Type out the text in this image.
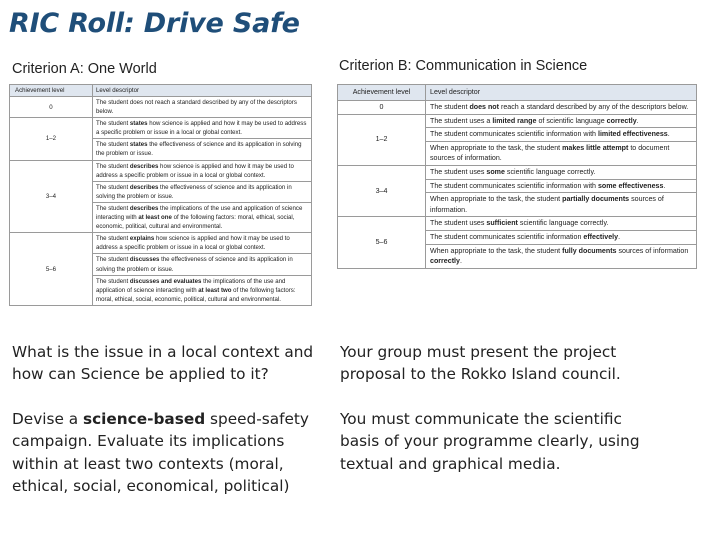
RIC Roll: Drive Safe
Criterion A: One World	Criterion B: Communication in Science
Achievement level	Level descriptor
0	The student does not reach a standard described by any of the descriptors below.

1–2	The student states how science is applied and how it may be used to address a specific problem or issue in a local or global context.
The student states the effectiveness of science and its application in solving the problem or issue.

3–4	The student describes how science is applied and how it may be used to address a specific problem or issue in a local or global context.
The student describes the effectiveness of science and its application in solving the problem or issue.
The student describes the implications of the use and application of science interacting with at least one of the following factors: moral, ethical, social, economic, political, cultural and environmental.

5–6	The student explains how science is applied and how it may be used to address a specific problem or issue in a local or global context.
The student discusses the effectiveness of science and its application in solving the problem or issue.
The student discusses and evaluates the implications of the use and application of science interacting with at least two of the following factors: moral, ethical, social, economic, political, cultural and environmental.
Achievement level	Level descriptor
0	The student does not reach a standard described by any of the descriptors below.

1–2	The student uses a limited range of scientific language correctly.
The student communicates scientific information with limited effectiveness.
When appropriate to the task, the student makes little attempt to document sources of information.

3–4	The student uses some scientific language correctly.
The student communicates scientific information with some effectiveness.
When appropriate to the task, the student partially documents sources of information.

5–6	The student uses sufficient scientific language correctly.
The student communicates scientific information effectively.
When appropriate to the task, the student fully documents sources of information correctly.

What is the issue in a local context and

how can Science be applied to it?

Devise a science-based speed-safety

campaign. Evaluate its implications

within at least two contexts (moral,

ethical, social, economical, political)

Your group must present the project

proposal to the Rokko Island council.

You must communicate the scientific

basis of your programme clearly, using

textual and graphical media.
